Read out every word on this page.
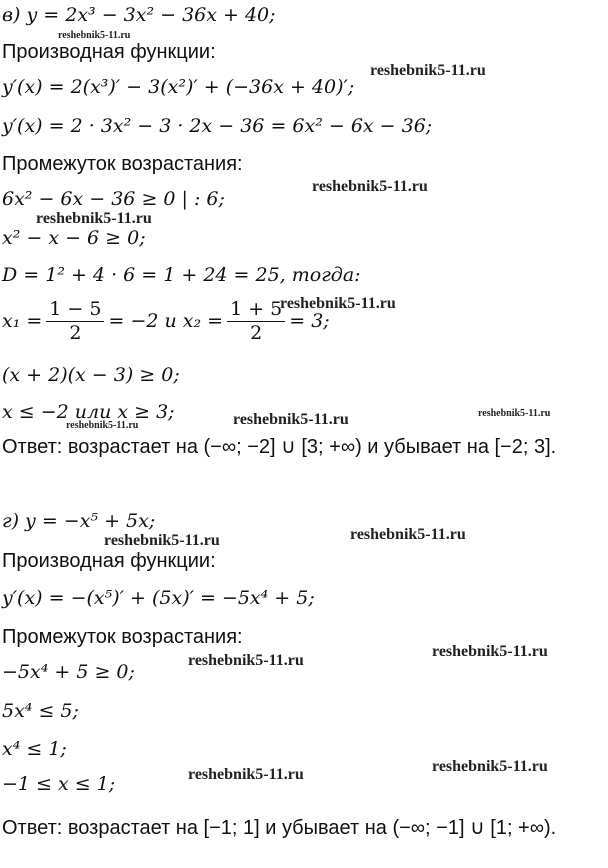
в) y = 2x³ − 3x² − 36x + 40;
Производная функции:
y′(x) = 2(x³)′ − 3(x²)′ + (−36x + 40)′;
y′(x) = 2 · 3x² − 3 · 2x − 36 = 6x² − 6x − 36;
Промежуток возрастания:
6x² − 6x − 36 ≥ 0 | : 6;
x² − x − 6 ≥ 0;
D = 1² + 4 · 6 = 1 + 24 = 25, тогда:
$x_1 = \frac{1 - 5}{2} = -2$ и $x_2 = \frac{1 + 5}{2} = 3$;
(x + 2)(x − 3) ≥ 0;
x ≤ −2 или x ≥ 3;
Ответ: возрастает на (−∞; −2] ∪ [3; +∞) и убывает на [−2; 3].
г) y = −x⁵ + 5x;
Производная функции:
y′(x) = −(x⁵)′ + (5x)′ = −5x⁴ + 5;
Промежуток возрастания:
−5x⁴ + 5 ≥ 0;
5x⁴ ≤ 5;
x⁴ ≤ 1;
−1 ≤ x ≤ 1;
Ответ: возрастает на [−1; 1] и убывает на (−∞; −1] ∪ [1; +∞).
reshebnik5-11.ru
reshebnik5-11.ru
reshebnik5-11.ru
reshebnik5-11.ru
reshebnik5-11.ru
reshebnik5-11.ru	reshebnik5-11.ru	reshebnik5-11.ru
reshebnik5-11.ru	reshebnik5-11.ru
reshebnik5-11.ru
reshebnik5-11.ru
reshebnik5-11.ru	reshebnik5-11.ru
